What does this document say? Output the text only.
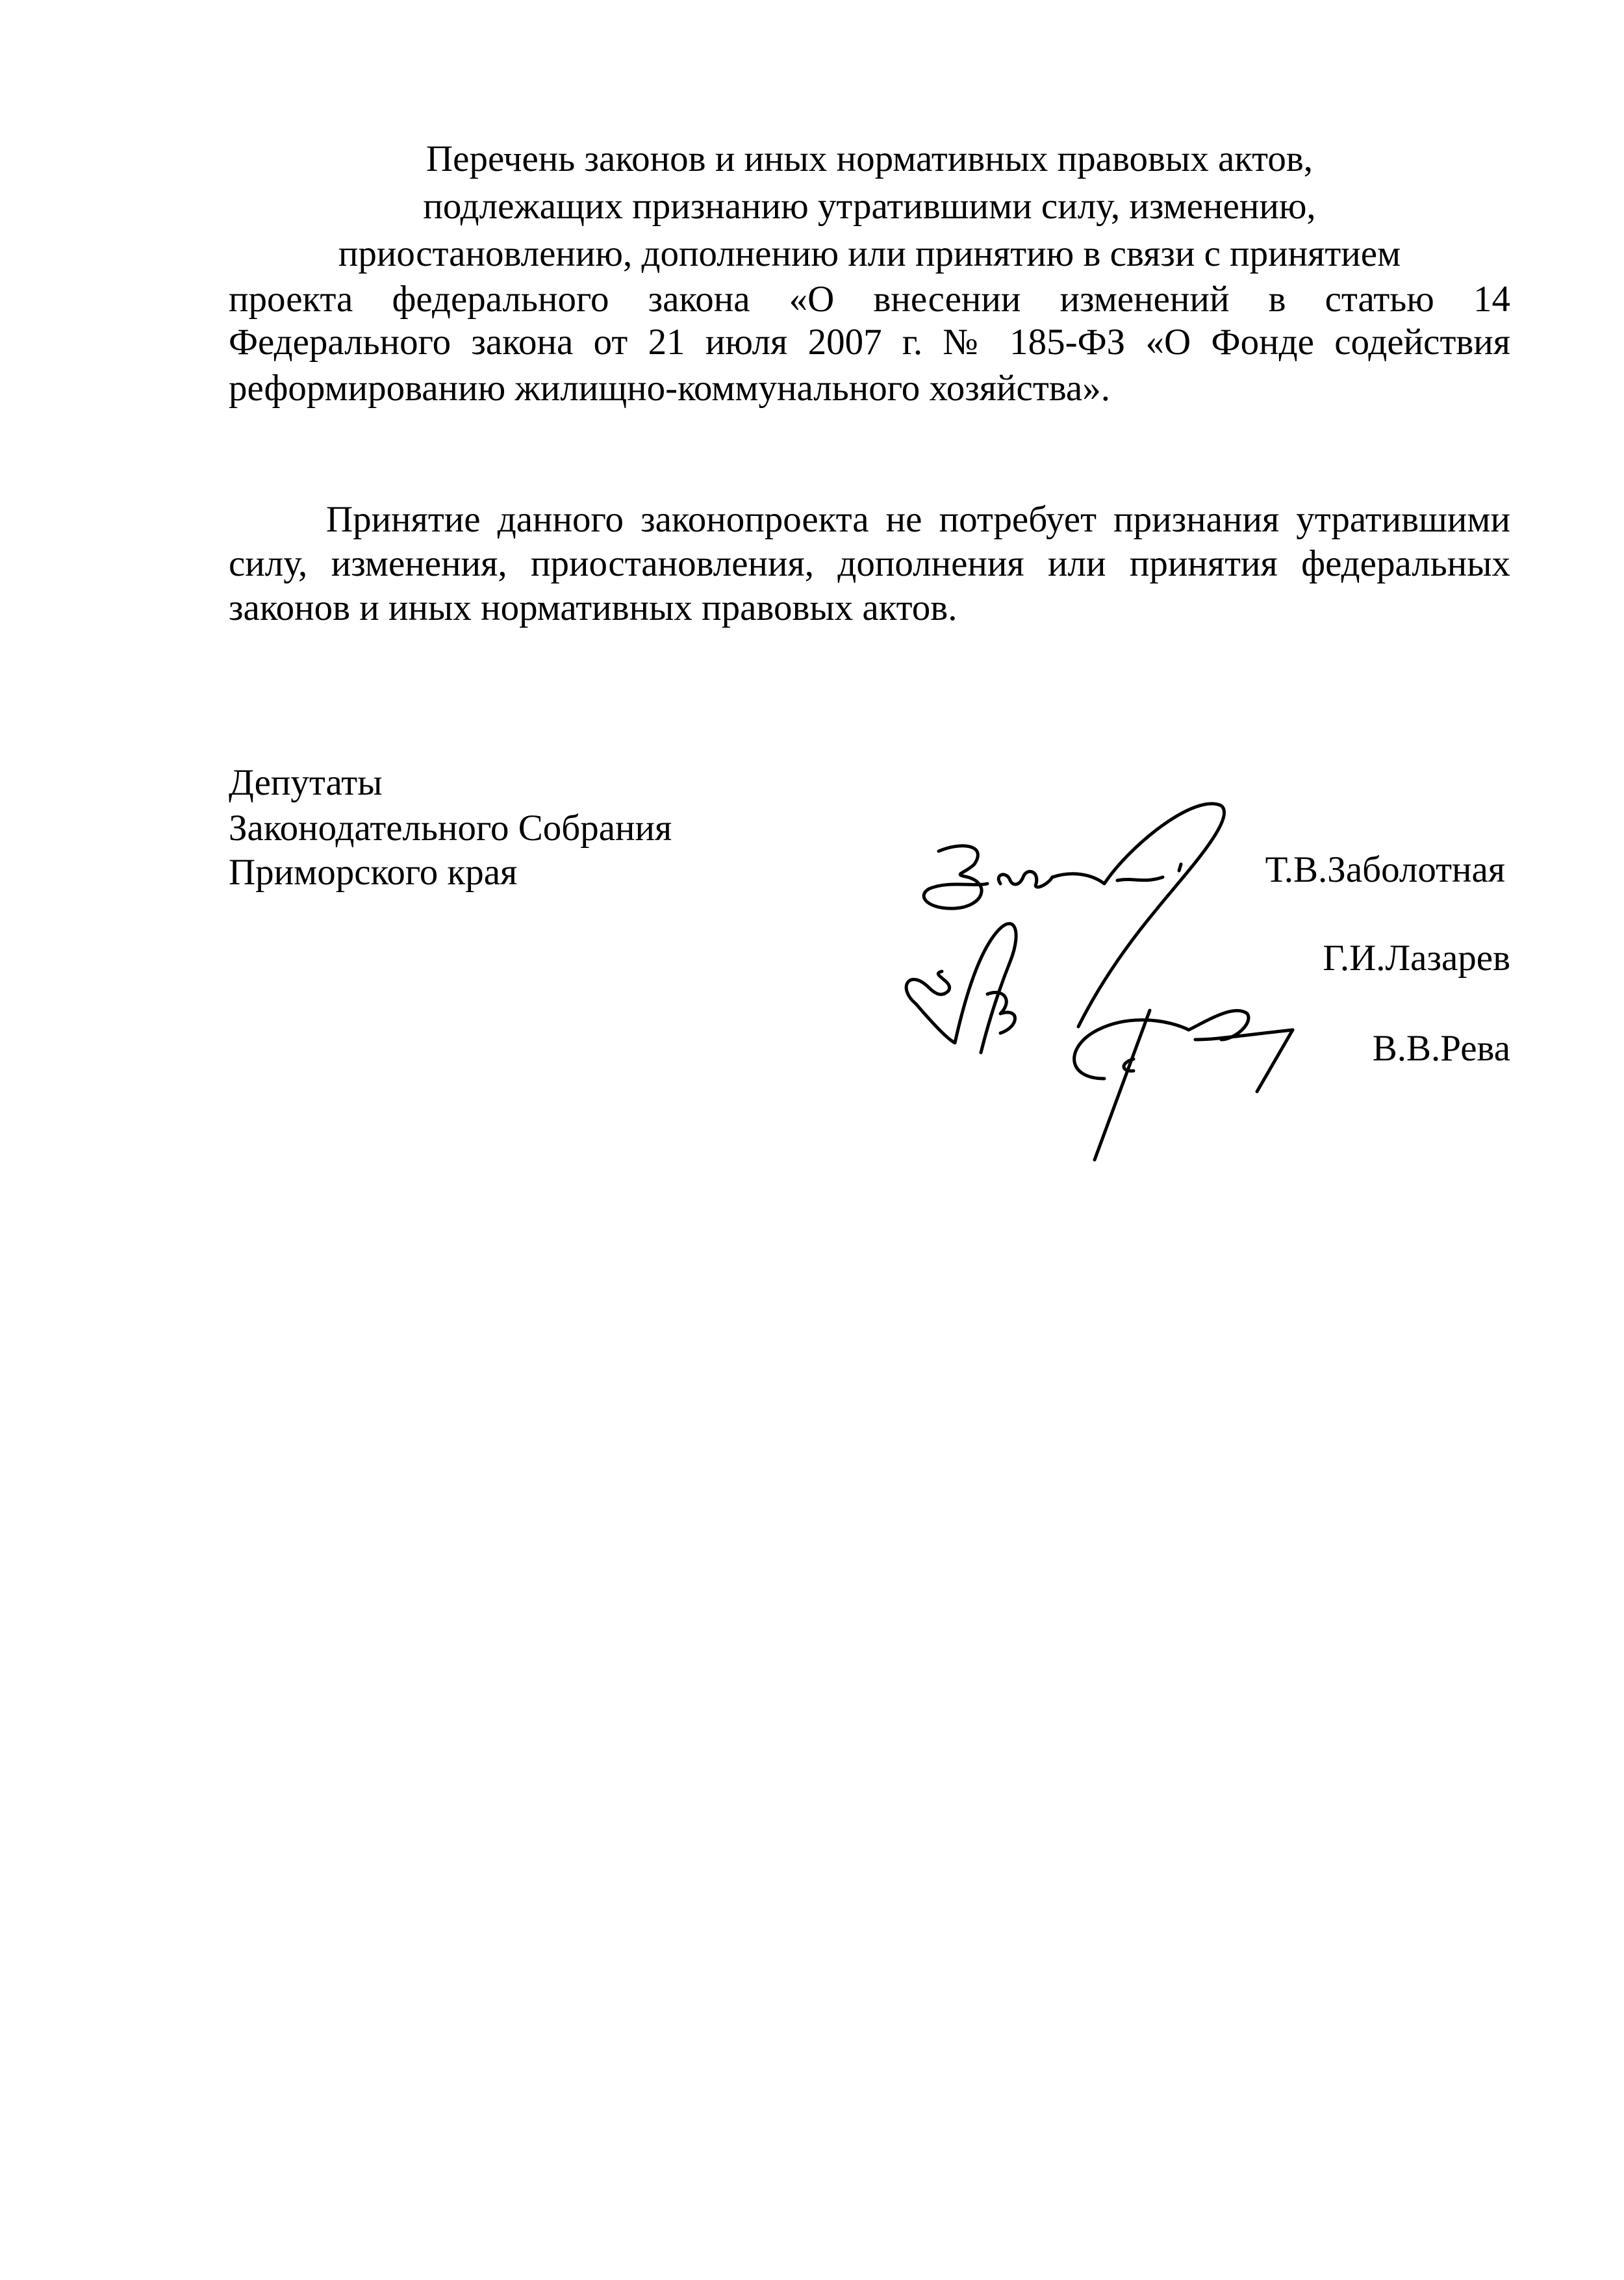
Перечень законов и иных нормативных правовых актов,
подлежащих признанию утратившими силу, изменению,
приостановлению, дополнению или принятию в связи с принятием
проекта федерального закона «О внесении изменений в статью 14
Федерального закона от 21 июля 2007 г. № 185-ФЗ «О Фонде содействия
реформированию жилищно-коммунального хозяйства».
Принятие данного законопроекта не потребует признания утратившими
силу, изменения, приостановления, дополнения или принятия федеральных
законов и иных нормативных правовых актов.
Депутаты
Законодательного Собрания
Приморского края	Т.В.Заболотная
Г.И.Лазарев
В.В.Рева
